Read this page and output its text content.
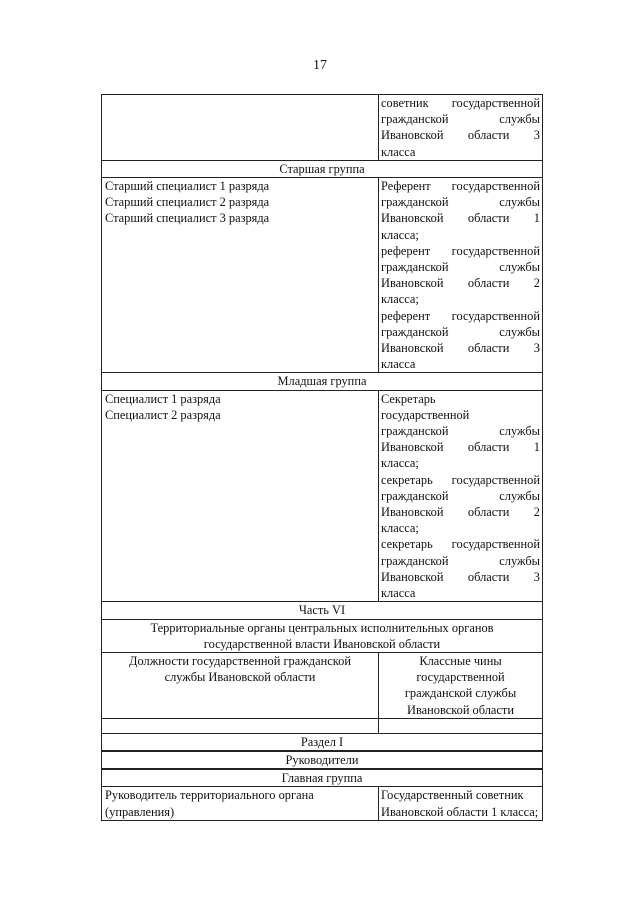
17
советник государственной
гражданской службы
Ивановской области 3
класса
Старшая группа
Старший специалист 1 разряда
Старший специалист 2 разряда
Старший специалист 3 разряда
Референт государственной
гражданской службы
Ивановской области 1
класса;
референт государственной
гражданской службы
Ивановской области 2
класса;
референт государственной
гражданской службы
Ивановской области 3
класса
Младшая группа
Специалист 1 разряда
Специалист 2 разряда
Секретарь
государственной
гражданской службы
Ивановской области 1
класса;
секретарь государственной
гражданской службы
Ивановской области 2
класса;
секретарь государственной
гражданской службы
Ивановской области 3
класса
Часть VI
Территориальные органы центральных исполнительных органов государственной власти Ивановской области
Должности государственной гражданской службы Ивановской области
Классные чины государственной гражданской службы Ивановской области
Раздел I
Руководители
Главная группа
Руководитель территориального органа
(управления)
Государственный советник
Ивановской области 1 класса;
